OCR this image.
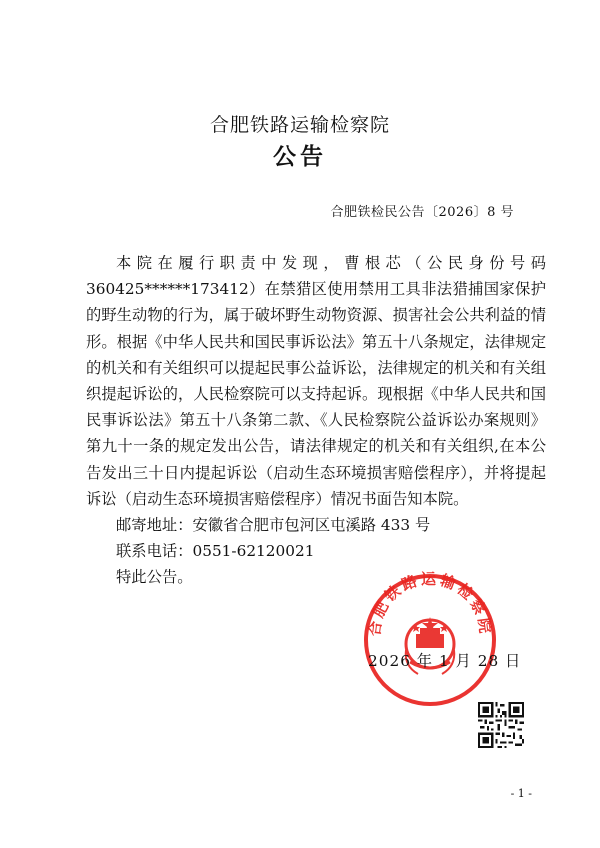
合肥铁路运输检察院
公告
合肥铁检民公告〔2026〕8 号

本院在履行职责中发现，曹根芯（公民身份号码 360425******173412）在禁猎区使用禁用工具非法猎捕国家保护的野生动物的行为，属于破坏野生动物资源、损害社会公共利益的情形。根据《中华人民共和国民事诉讼法》第五十八条规定，法律规定的机关和有关组织可以提起民事公益诉讼，法律规定的机关和有关组织提起诉讼的，人民检察院可以支持起诉。现根据《中华人民共和国民事诉讼法》第五十八条第二款、《人民检察院公益诉讼办案规则》第九十一条的规定发出公告，请法律规定的机关和有关组织,在本公告发出三十日内提起诉讼（启动生态环境损害赔偿程序），并将提起诉讼（启动生态环境损害赔偿程序）情况书面告知本院。

邮寄地址：安徽省合肥市包河区屯溪路 433 号

联系电话：0551-62120021

特此公告。

合肥铁路运输检察院
2026 年 1 月 28 日
- 1 -
